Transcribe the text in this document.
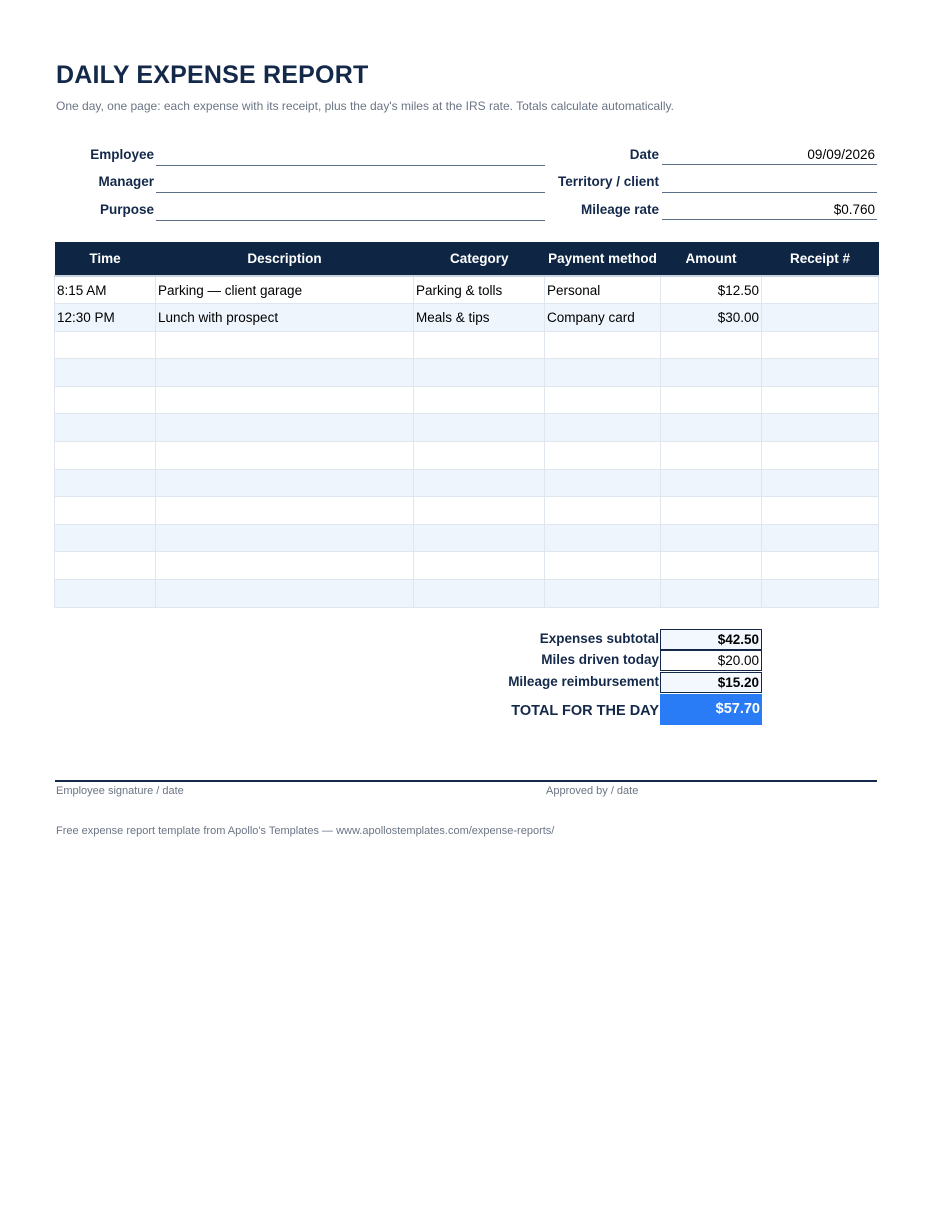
DAILY EXPENSE REPORT
One day, one page: each expense with its receipt, plus the day's miles at the IRS rate. Totals calculate automatically.
Employee
Manager
Purpose
Date	09/09/2026
Territory / client
Mileage rate	$0.760
Time	Description	Category	Payment method	Amount	Receipt #
8:15 AM	Parking — client garage	Parking & tolls	Personal	$12.50	
12:30 PM	Lunch with prospect	Meals & tips	Company card	$30.00	

Expenses subtotal	$42.50
Miles driven today	$20.00
Mileage reimbursement	$15.20
TOTAL FOR THE DAY	$57.70
Employee signature / date	Approved by / date
Free expense report template from Apollo's Templates — www.apollostemplates.com/expense-reports/
